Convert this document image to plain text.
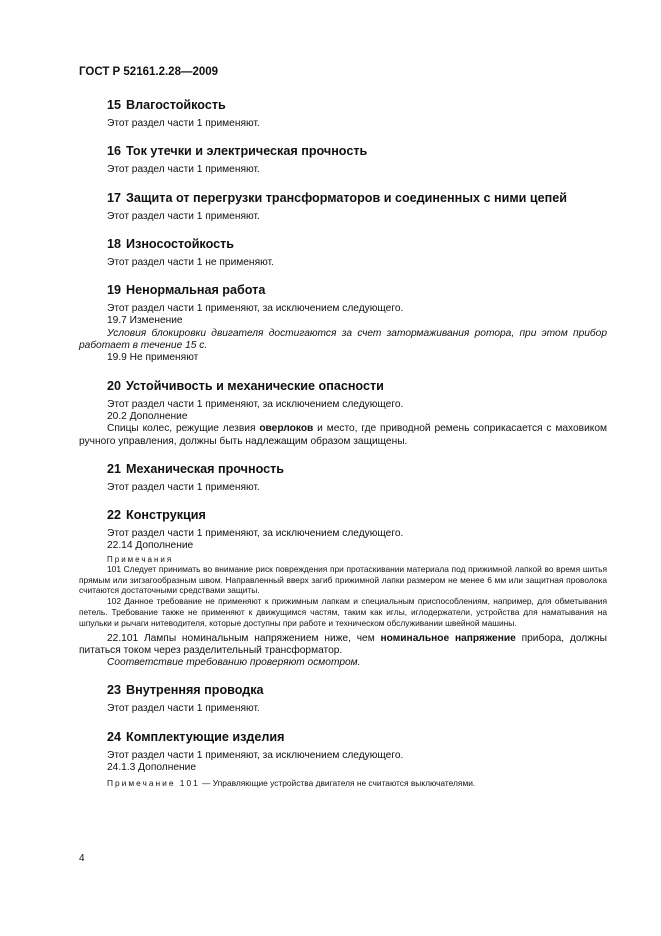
ГОСТ Р 52161.2.28—2009
15 Влагостойкость

Этот раздел части 1 применяют.

16 Ток утечки и электрическая прочность

Этот раздел части 1 применяют.

17 Защита от перегрузки трансформаторов и соединенных с ними цепей

Этот раздел части 1 применяют.

18 Износостойкость

Этот раздел части 1 не применяют.

19 Ненормальная работа

Этот раздел части 1 применяют, за исключением следующего.

19.7 Изменение

Условия блокировки двигателя достигаются за счет затормаживания ротора, при этом прибор работает в течение 15 с.

19.9 Не применяют

20 Устойчивость и механические опасности

Этот раздел части 1 применяют, за исключением следующего.

20.2 Дополнение

Спицы колес, режущие лезвия оверлоков и место, где приводной ремень соприкасается с маховиком ручного управления, должны быть надлежащим образом защищены.

21 Механическая прочность

Этот раздел части 1 применяют.

22 Конструкция

Этот раздел части 1 применяют, за исключением следующего.

22.14 Дополнение

Примечания

101 Следует принимать во внимание риск повреждения при протаскивании материала под прижимной лапкой во время шитья прямым или зигзагообразным швом. Направленный вверх загиб прижимной лапки размером не менее 6 мм или защитная проволока считаются достаточными средствами защиты.

102 Данное требование не применяют к прижимным лапкам и специальным приспособлениям, например, для обметывания петель. Требование также не применяют к движущимся частям, таким как иглы, иглодержатели, устройства для наматывания на шпульки и рычаги нитеводителя, которые доступны при работе и техническом обслуживании швейной машины.

22.101 Лампы номинальным напряжением ниже, чем номинальное напряжение прибора, должны питаться током через разделительный трансформатор.

Соответствие требованию проверяют осмотром.

23 Внутренняя проводка

Этот раздел части 1 применяют.

24 Комплектующие изделия

Этот раздел части 1 применяют, за исключением следующего.

24.1.3 Дополнение

Примечание 101 — Управляющие устройства двигателя не считаются выключателями.

4
